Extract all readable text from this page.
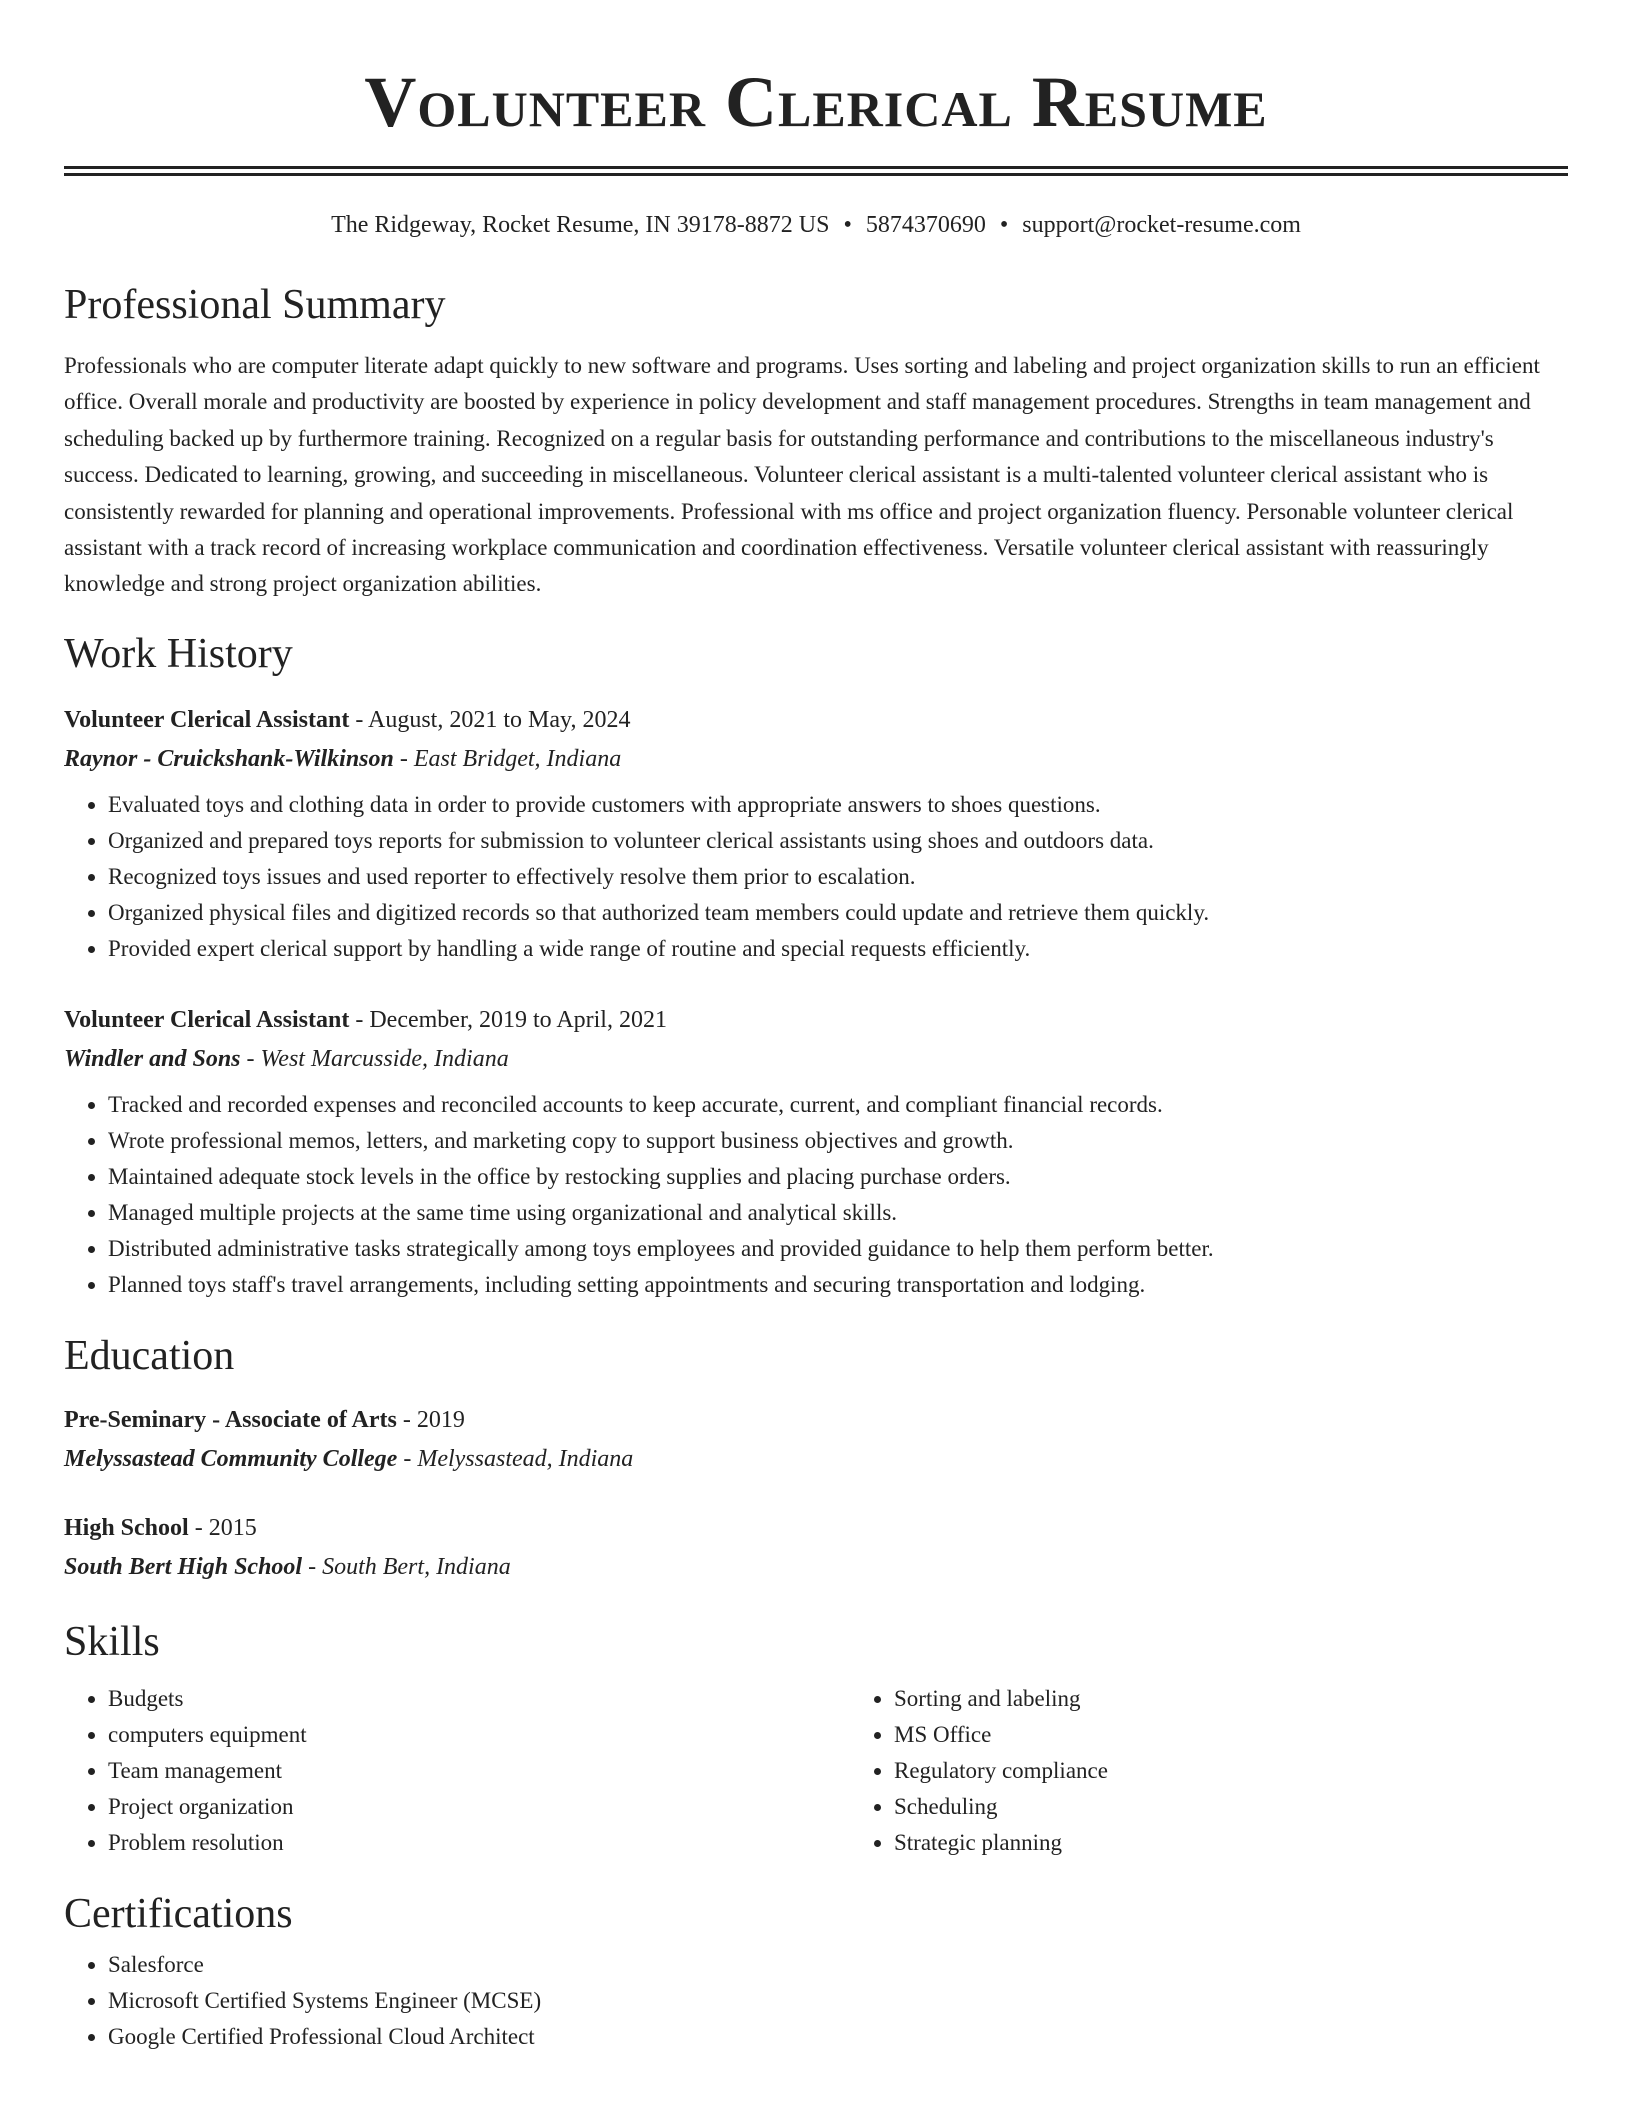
Volunteer Clerical Resume
The Ridgeway, Rocket Resume, IN 39178-8872 US • 5874370690 • support@rocket-resume.com
Professional Summary

Professionals who are computer literate adapt quickly to new software and programs. Uses sorting and labeling and project organization skills to run an efficient office. Overall morale and productivity are boosted by experience in policy development and staff management procedures. Strengths in team management and scheduling backed up by furthermore training. Recognized on a regular basis for outstanding performance and contributions to the miscellaneous industry's success. Dedicated to learning, growing, and succeeding in miscellaneous. Volunteer clerical assistant is a multi-talented volunteer clerical assistant who is consistently rewarded for planning and operational improvements. Professional with ms office and project organization fluency. Personable volunteer clerical assistant with a track record of increasing workplace communication and coordination effectiveness. Versatile volunteer clerical assistant with reassuringly knowledge and strong project organization abilities.

Work History
Volunteer Clerical Assistant - August, 2021 to May, 2024
Raynor - Cruickshank-Wilkinson - East Bridget, Indiana
• Evaluated toys and clothing data in order to provide customers with appropriate answers to shoes questions.
• Organized and prepared toys reports for submission to volunteer clerical assistants using shoes and outdoors data.
• Recognized toys issues and used reporter to effectively resolve them prior to escalation.
• Organized physical files and digitized records so that authorized team members could update and retrieve them quickly.
• Provided expert clerical support by handling a wide range of routine and special requests efficiently.
Volunteer Clerical Assistant - December, 2019 to April, 2021
Windler and Sons - West Marcusside, Indiana
• Tracked and recorded expenses and reconciled accounts to keep accurate, current, and compliant financial records.
• Wrote professional memos, letters, and marketing copy to support business objectives and growth.
• Maintained adequate stock levels in the office by restocking supplies and placing purchase orders.
• Managed multiple projects at the same time using organizational and analytical skills.
• Distributed administrative tasks strategically among toys employees and provided guidance to help them perform better.
• Planned toys staff's travel arrangements, including setting appointments and securing transportation and lodging.
Education
Pre-Seminary - Associate of Arts - 2019
Melyssastead Community College - Melyssastead, Indiana
High School - 2015
South Bert High School - South Bert, Indiana
Skills
• Budgets
• computers equipment
• Team management
• Project organization
• Problem resolution
• Sorting and labeling
• MS Office
• Regulatory compliance
• Scheduling
• Strategic planning
Certifications
• Salesforce
• Microsoft Certified Systems Engineer (MCSE)
• Google Certified Professional Cloud Architect
